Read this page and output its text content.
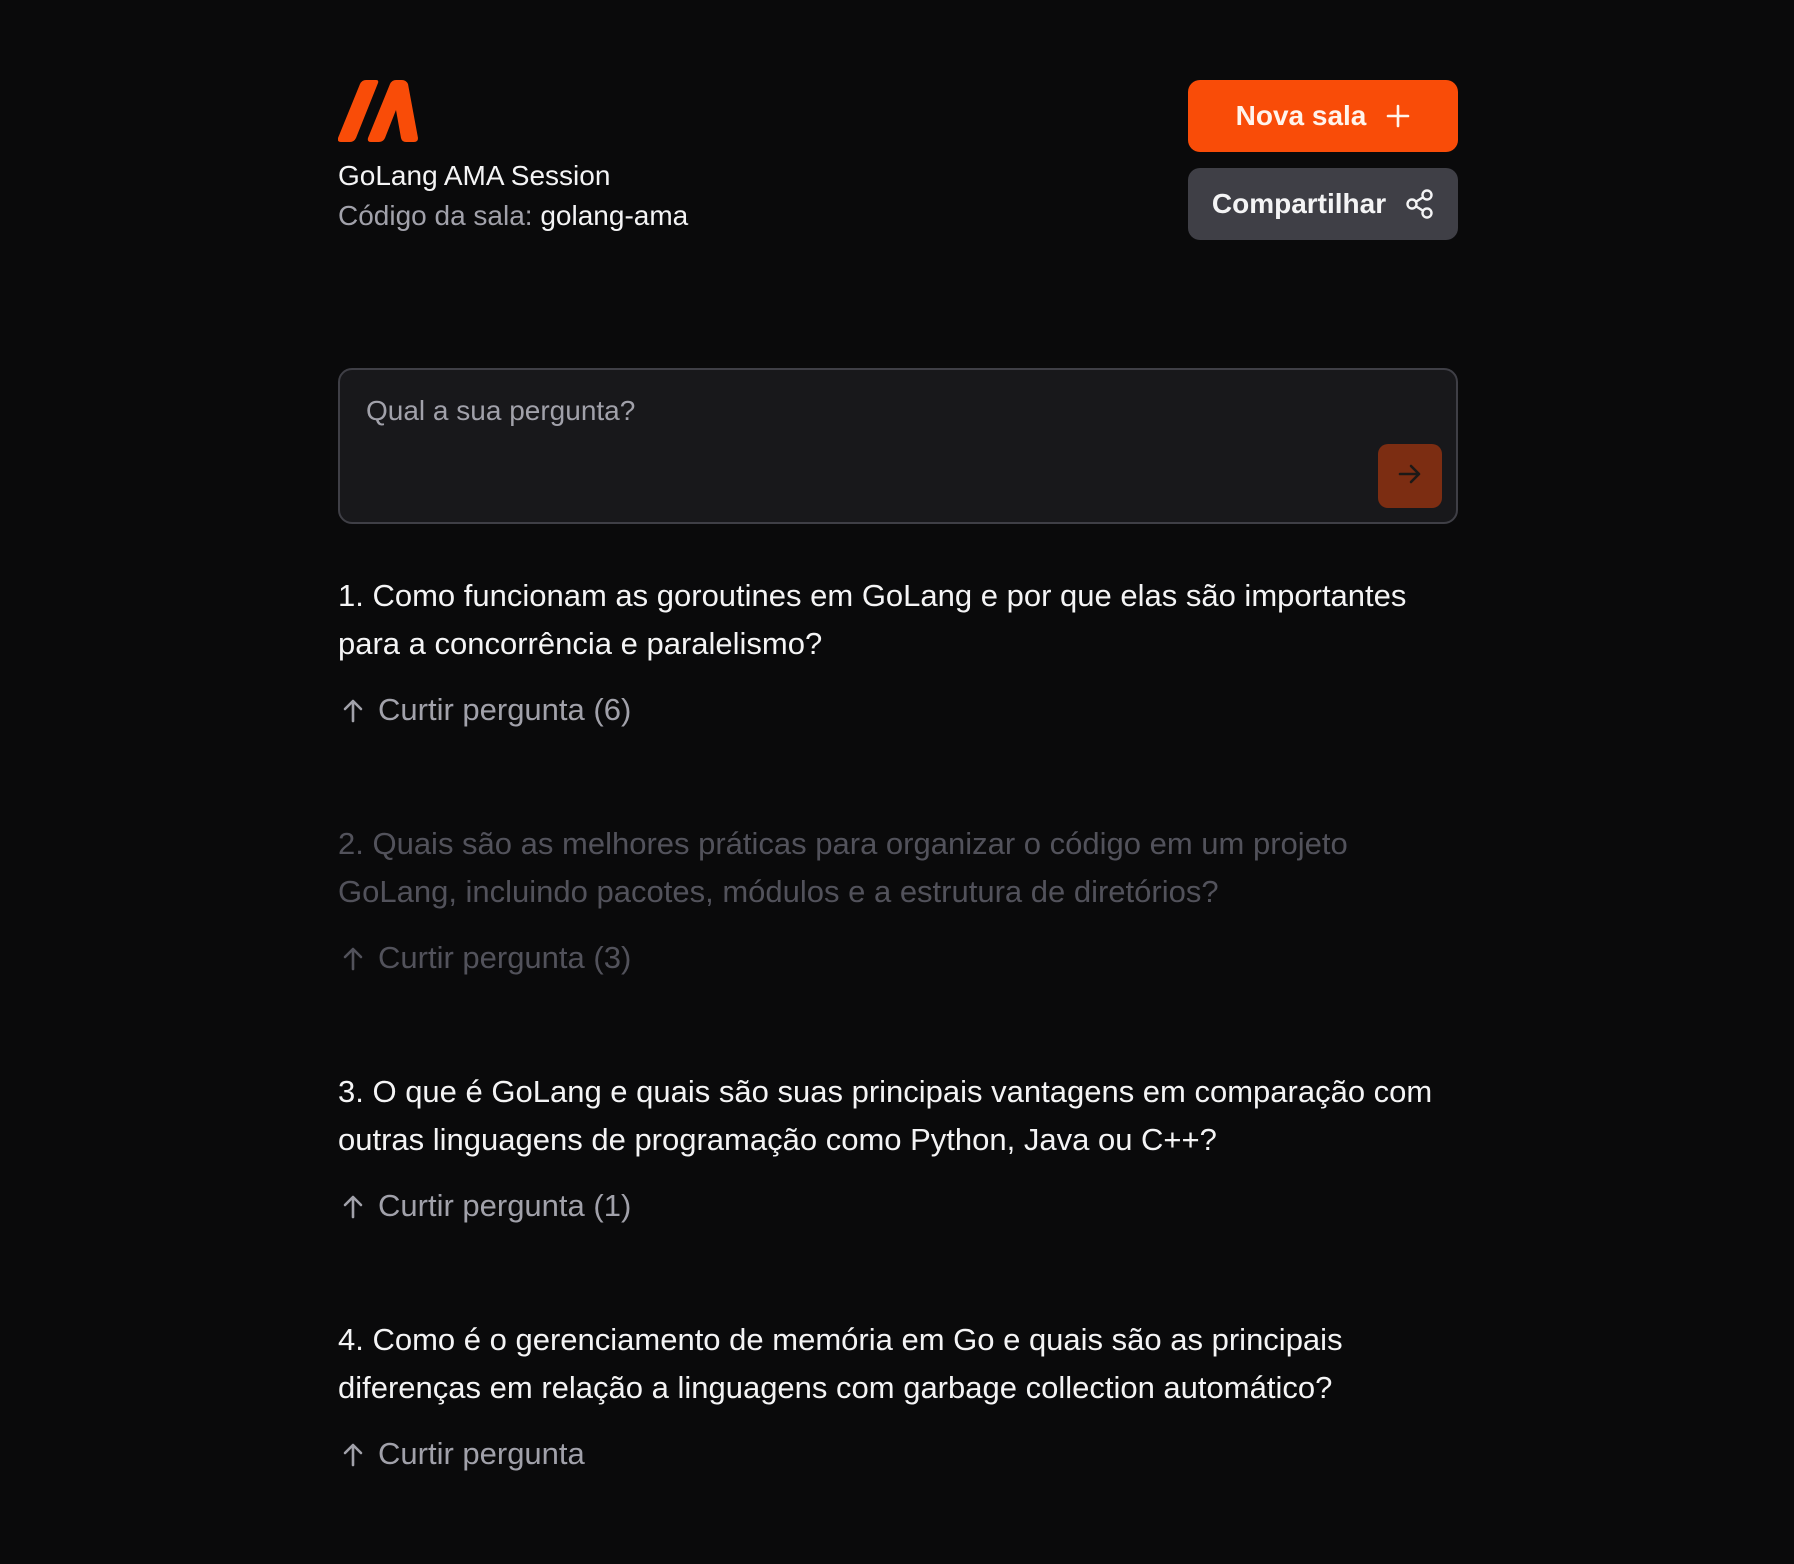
GoLang AMA Session
Código da sala: golang-ama
Nova sala
Compartilhar
Qual a sua pergunta?

1. Como funcionam as goroutines em GoLang e por que elas são importantes para a concorrência e paralelismo?

Curtir pergunta (6)

2. Quais são as melhores práticas para organizar o código em um projeto GoLang, incluindo pacotes, módulos e a estrutura de diretórios?

Curtir pergunta (3)

3. O que é GoLang e quais são suas principais vantagens em comparação com outras linguagens de programação como Python, Java ou C++?

Curtir pergunta (1)

4. Como é o gerenciamento de memória em Go e quais são as principais diferenças em relação a linguagens com garbage collection automático?

Curtir pergunta
